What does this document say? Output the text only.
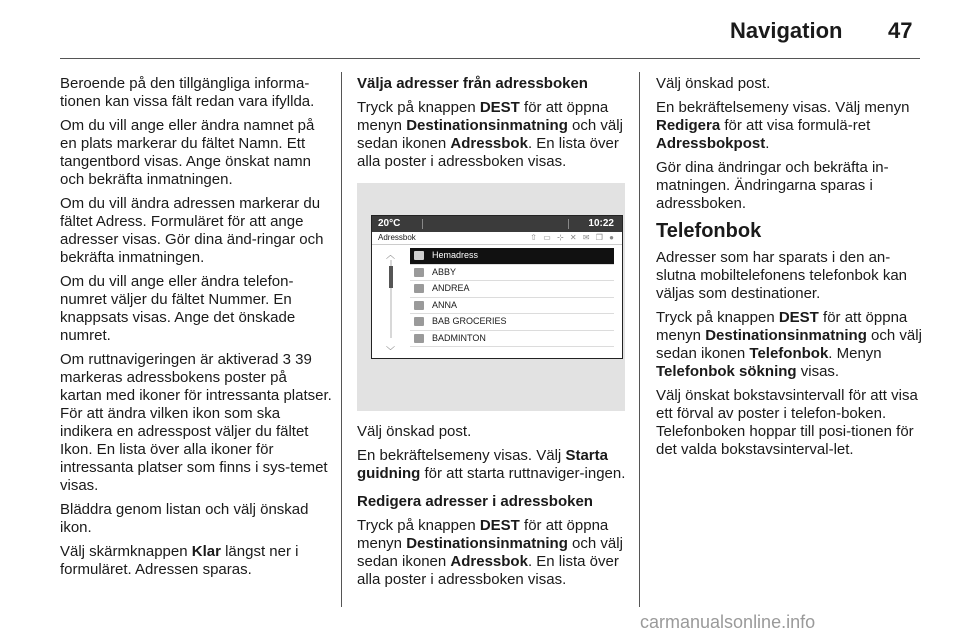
Navigation 47

Beroende på den tillgängliga informa-tionen kan vissa fält redan vara ifyllda.

Om du vill ange eller ändra namnet på en plats markerar du fältet Namn. Ett tangentbord visas. Ange önskat namn och bekräfta inmatningen.

Om du vill ändra adressen markerar du fältet Adress. Formuläret för att ange adresser visas. Gör dina änd-ringar och bekräfta inmatningen.

Om du vill ange eller ändra telefon-numret väljer du fältet Nummer. En knappsats visas. Ange det önskade numret.

Om ruttnavigeringen är aktiverad 3 39 markeras adressbokens poster på kartan med ikoner för intressanta platser. För att ändra vilken ikon som ska indikera en adresspost väljer du fältet Ikon. En lista över alla ikoner för intressanta platser som finns i sys-temet visas.

Bläddra genom listan och välj önskad ikon.

Välj skärmknappen Klar längst ner i formuläret. Adressen sparas.

Välja adresser från adressboken

Tryck på knappen DEST för att öppna menyn Destinationsinmatning och välj sedan ikonen Adressbok. En lista över alla poster i adressboken visas.

20°C	10:22
Adressbok	⇧ ▭ ⊹ ✕ ✉ ❐ ●
︿
﹀
Hemadress
ABBY
ANDREA
ANNA
BAB GROCERIES
BADMINTON

Välj önskad post.

En bekräftelsemeny visas. Välj Starta guidning för att starta ruttnaviger-ingen.

Redigera adresser i adressboken

Tryck på knappen DEST för att öppna menyn Destinationsinmatning och välj sedan ikonen Adressbok. En lista över alla poster i adressboken visas.

Välj önskad post.

En bekräftelsemeny visas. Välj menyn Redigera för att visa formulä-ret Adressbokpost.

Gör dina ändringar och bekräfta in-matningen. Ändringarna sparas i adressboken.

Telefonbok

Adresser som har sparats i den an-slutna mobiltelefonens telefonbok kan väljas som destinationer.

Tryck på knappen DEST för att öppna menyn Destinationsinmatning och välj sedan ikonen Telefonbok. Menyn Telefonbok sökning visas.

Välj önskat bokstavsintervall för att visa ett förval av poster i telefon-boken. Telefonboken hoppar till posi-tionen för det valda bokstavsinterval-let.

carmanualsonline.info
